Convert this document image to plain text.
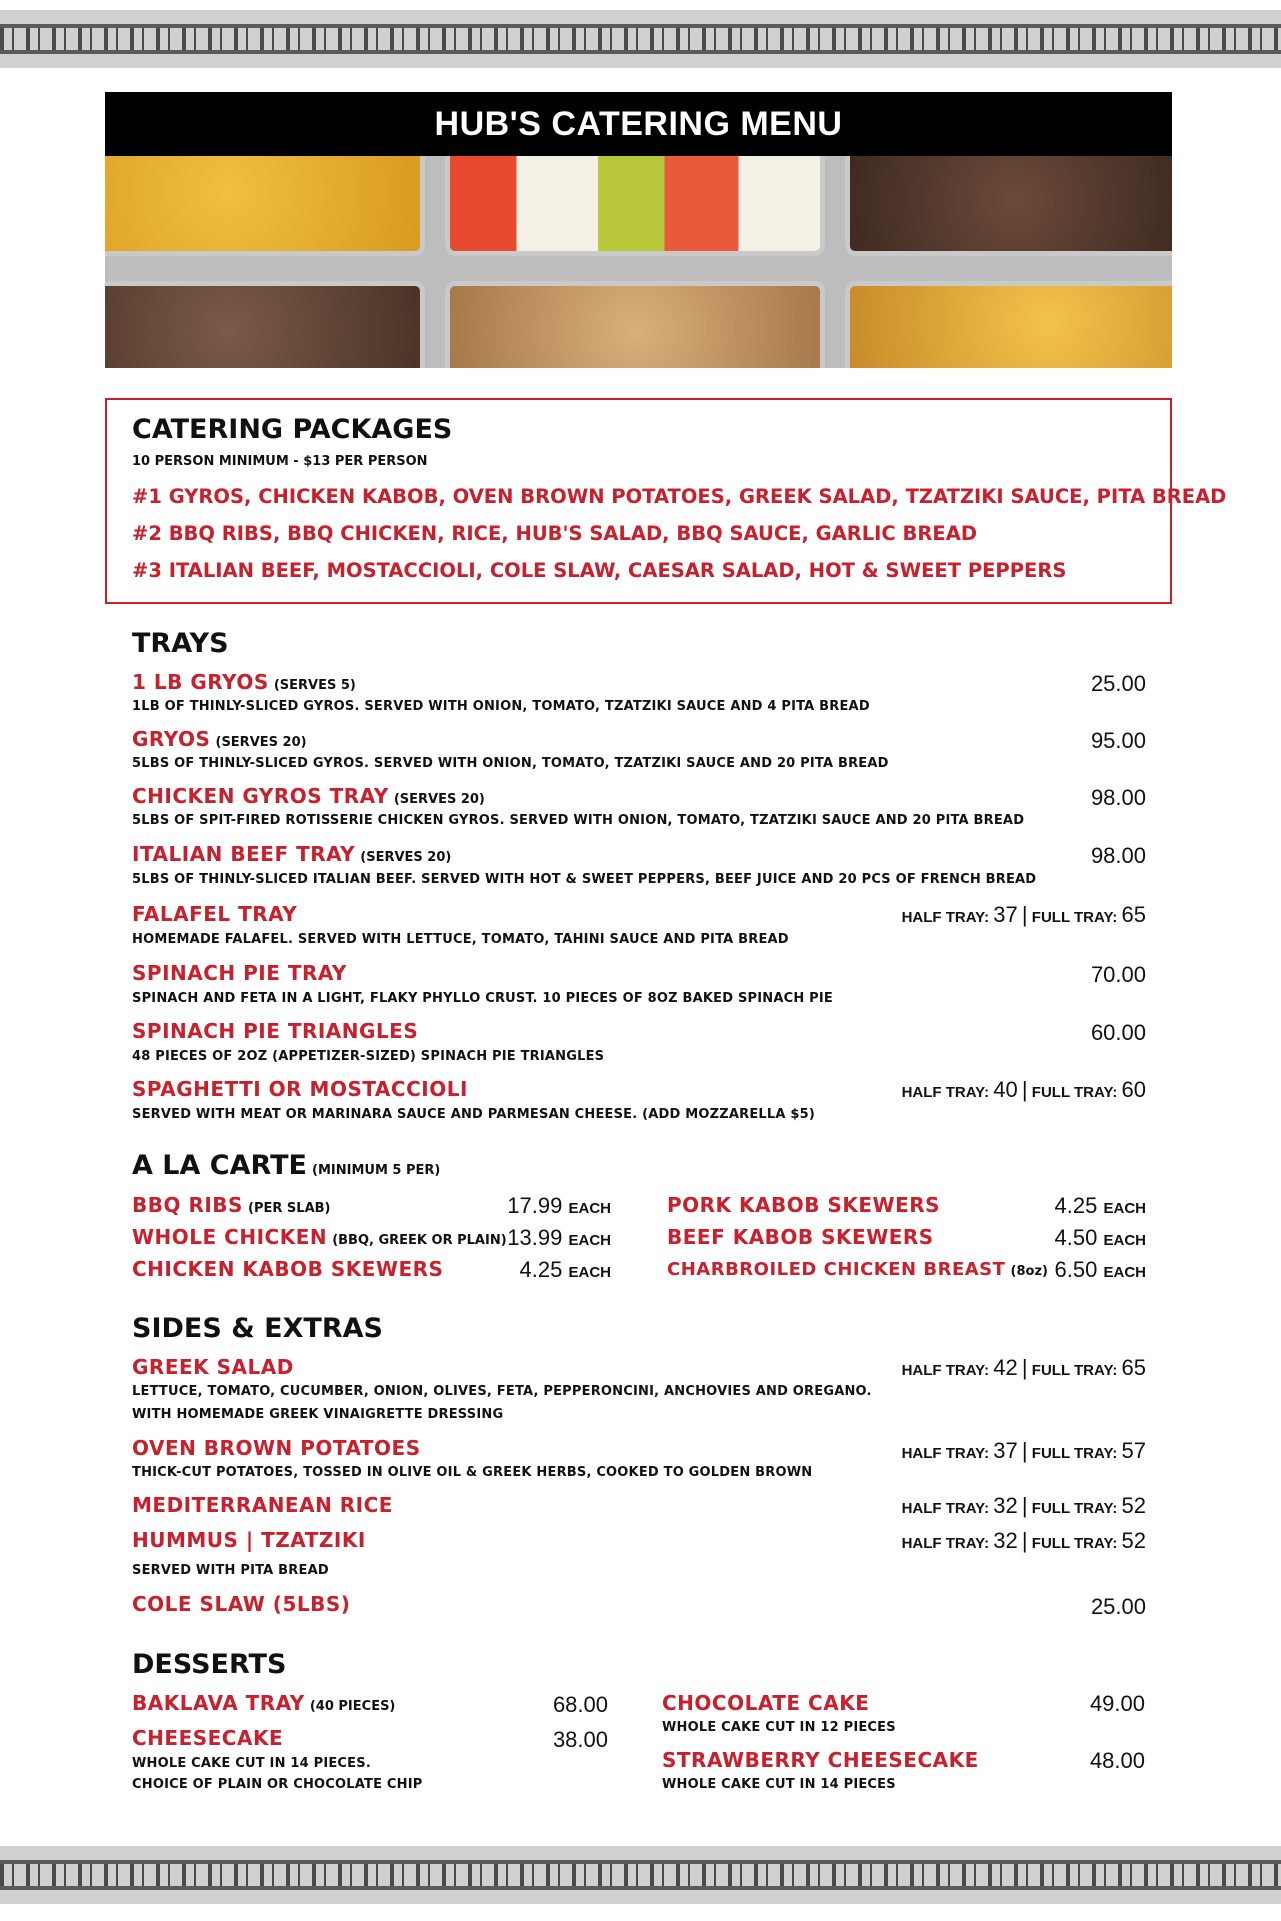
HUB'S CATERING MENU
CATERING PACKAGES
10 PERSON MINIMUM - $13 PER PERSON
#1 GYROS, CHICKEN KABOB, OVEN BROWN POTATOES, GREEK SALAD, TZATZIKI SAUCE, PITA BREAD
#2 BBQ RIBS, BBQ CHICKEN, RICE, HUB'S SALAD, BBQ SAUCE, GARLIC BREAD
#3 ITALIAN BEEF, MOSTACCIOLI, COLE SLAW, CAESAR SALAD, HOT & SWEET PEPPERS
TRAYS
1 LB GRYOS (SERVES 5)
1LB OF THINLY-SLICED GYROS. SERVED WITH ONION, TOMATO, TZATZIKI SAUCE AND 4 PITA BREAD
25.00
GRYOS (SERVES 20)
5LBS OF THINLY-SLICED GYROS. SERVED WITH ONION, TOMATO, TZATZIKI SAUCE AND 20 PITA BREAD
95.00
CHICKEN GYROS TRAY (SERVES 20)
5LBS OF SPIT-FIRED ROTISSERIE CHICKEN GYROS. SERVED WITH ONION, TOMATO, TZATZIKI SAUCE AND 20 PITA BREAD
98.00
ITALIAN BEEF TRAY (SERVES 20)
5LBS OF THINLY-SLICED ITALIAN BEEF. SERVED WITH HOT & SWEET PEPPERS, BEEF JUICE AND 20 PCS OF FRENCH BREAD
98.00
FALAFEL TRAY
HOMEMADE FALAFEL. SERVED WITH LETTUCE, TOMATO, TAHINI SAUCE AND PITA BREAD
HALF TRAY: 37 | FULL TRAY: 65
SPINACH PIE TRAY
SPINACH AND FETA IN A LIGHT, FLAKY PHYLLO CRUST. 10 PIECES OF 8OZ BAKED SPINACH PIE
70.00
SPINACH PIE TRIANGLES
48 PIECES OF 2OZ (APPETIZER-SIZED) SPINACH PIE TRIANGLES
60.00
SPAGHETTI OR MOSTACCIOLI
SERVED WITH MEAT OR MARINARA SAUCE AND PARMESAN CHEESE. (ADD MOZZARELLA $5)
HALF TRAY: 40 | FULL TRAY: 60
A LA CARTE (MINIMUM 5 PER)
BBQ RIBS (PER SLAB)	17.99 EACH
WHOLE CHICKEN (BBQ, GREEK OR PLAIN) 13.99 EACH
CHICKEN KABOB SKEWERS	4.25 EACH
PORK KABOB SKEWERS	4.25 EACH
BEEF KABOB SKEWERS	4.50 EACH
CHARBROILED CHICKEN BREAST (8oz) 6.50 EACH
SIDES & EXTRAS
GREEK SALAD
LETTUCE, TOMATO, CUCUMBER, ONION, OLIVES, FETA, PEPPERONCINI, ANCHOVIES AND OREGANO.
WITH HOMEMADE GREEK VINAIGRETTE DRESSING
HALF TRAY: 42 | FULL TRAY: 65
OVEN BROWN POTATOES
THICK-CUT POTATOES, TOSSED IN OLIVE OIL & GREEK HERBS, COOKED TO GOLDEN BROWN
HALF TRAY: 37 | FULL TRAY: 57
MEDITERRANEAN RICE	HALF TRAY: 32 | FULL TRAY: 52
HUMMUS | TZATZIKI
SERVED WITH PITA BREAD
HALF TRAY: 32 | FULL TRAY: 52
COLE SLAW (5LBS)	25.00
DESSERTS
BAKLAVA TRAY (40 PIECES)	68.00
CHEESECAKE
WHOLE CAKE CUT IN 14 PIECES.
CHOICE OF PLAIN OR CHOCOLATE CHIP
38.00
CHOCOLATE CAKE
WHOLE CAKE CUT IN 12 PIECES
49.00
STRAWBERRY CHEESECAKE
WHOLE CAKE CUT IN 14 PIECES
48.00
